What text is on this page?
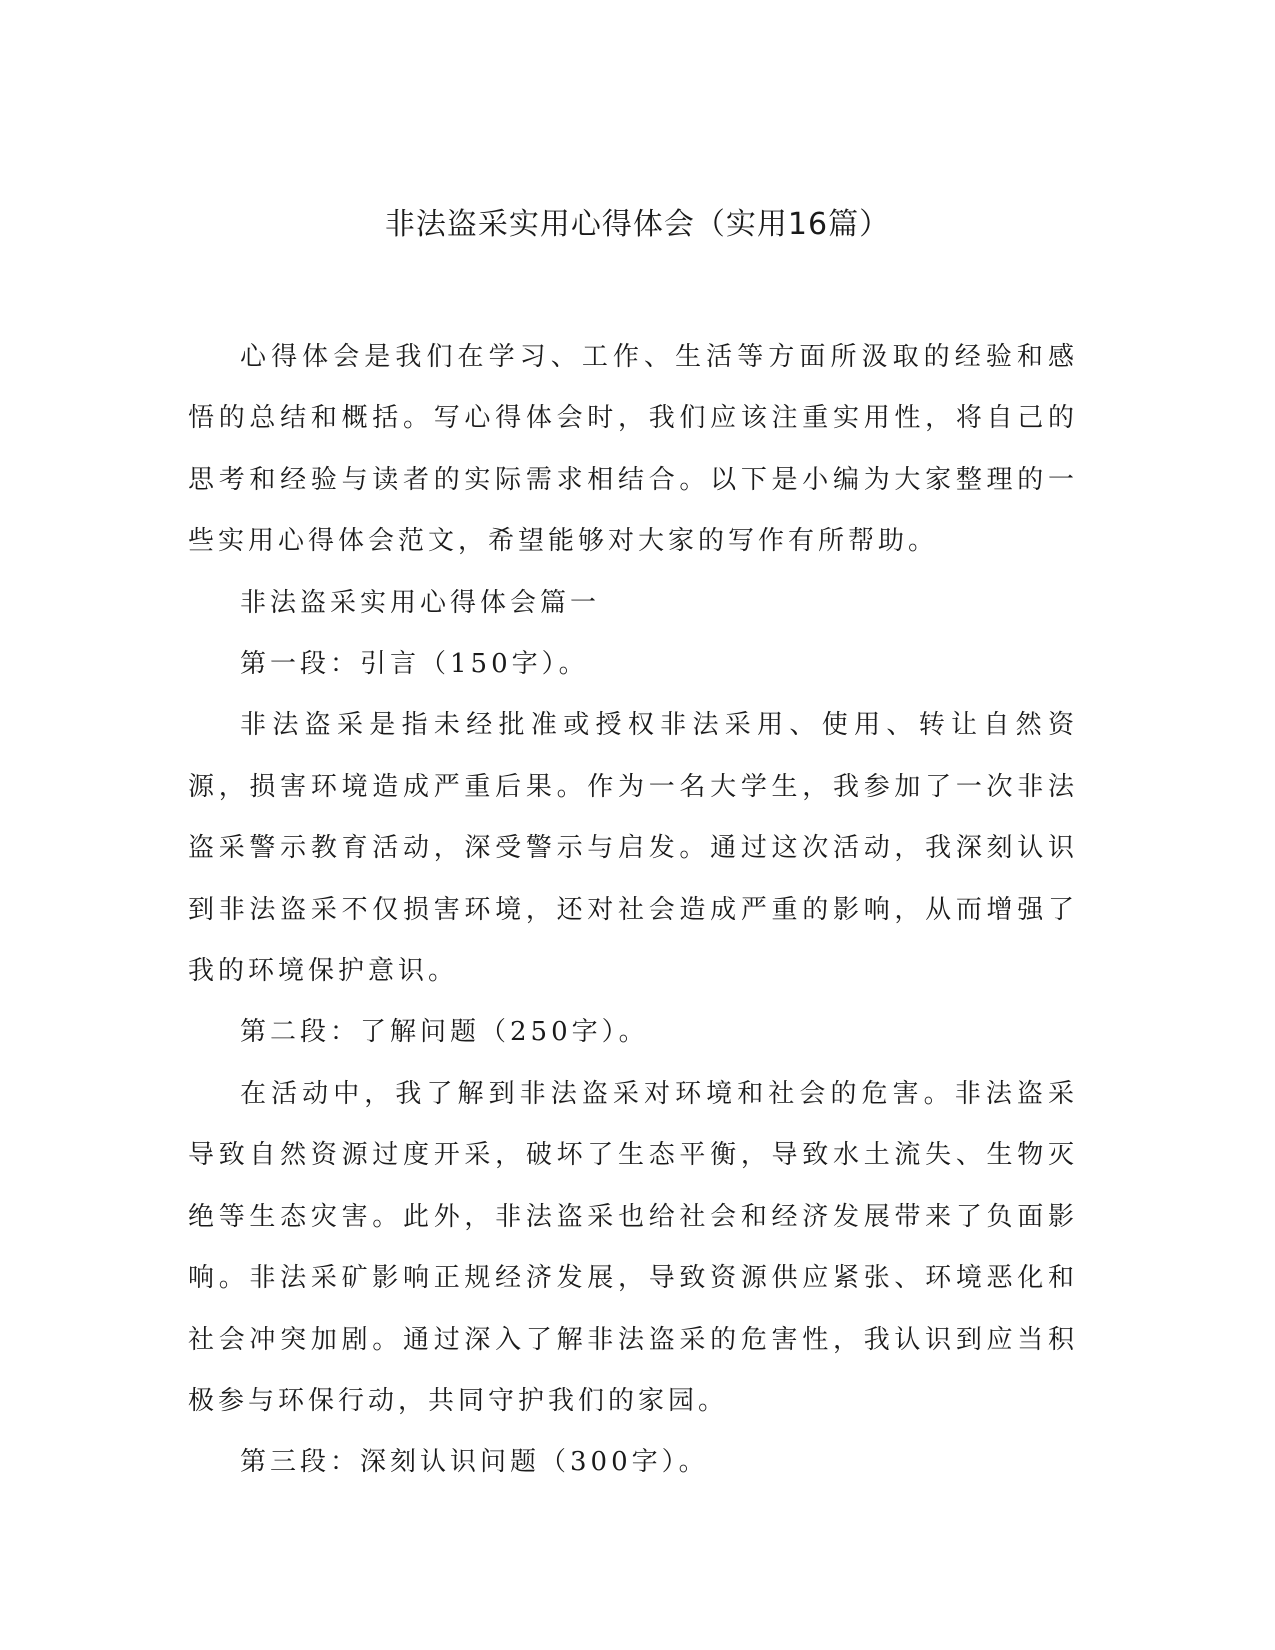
非法盗采实用心得体会（实用16篇）

心得体会是我们在学习、工作、生活等方面所汲取的经验和感悟的总结和概括。写心得体会时，我们应该注重实用性，将自己的思考和经验与读者的实际需求相结合。以下是小编为大家整理的一些实用心得体会范文，希望能够对大家的写作有所帮助。

非法盗采实用心得体会篇一

第一段：引言（150字）。

非法盗采是指未经批准或授权非法采用、使用、转让自然资源，损害环境造成严重后果。作为一名大学生，我参加了一次非法盗采警示教育活动，深受警示与启发。通过这次活动，我深刻认识到非法盗采不仅损害环境，还对社会造成严重的影响，从而增强了我的环境保护意识。

第二段：了解问题（250字）。

在活动中，我了解到非法盗采对环境和社会的危害。非法盗采导致自然资源过度开采，破坏了生态平衡，导致水土流失、生物灭绝等生态灾害。此外，非法盗采也给社会和经济发展带来了负面影响。非法采矿影响正规经济发展，导致资源供应紧张、环境恶化和社会冲突加剧。通过深入了解非法盗采的危害性，我认识到应当积极参与环保行动，共同守护我们的家园。

第三段：深刻认识问题（300字）。
